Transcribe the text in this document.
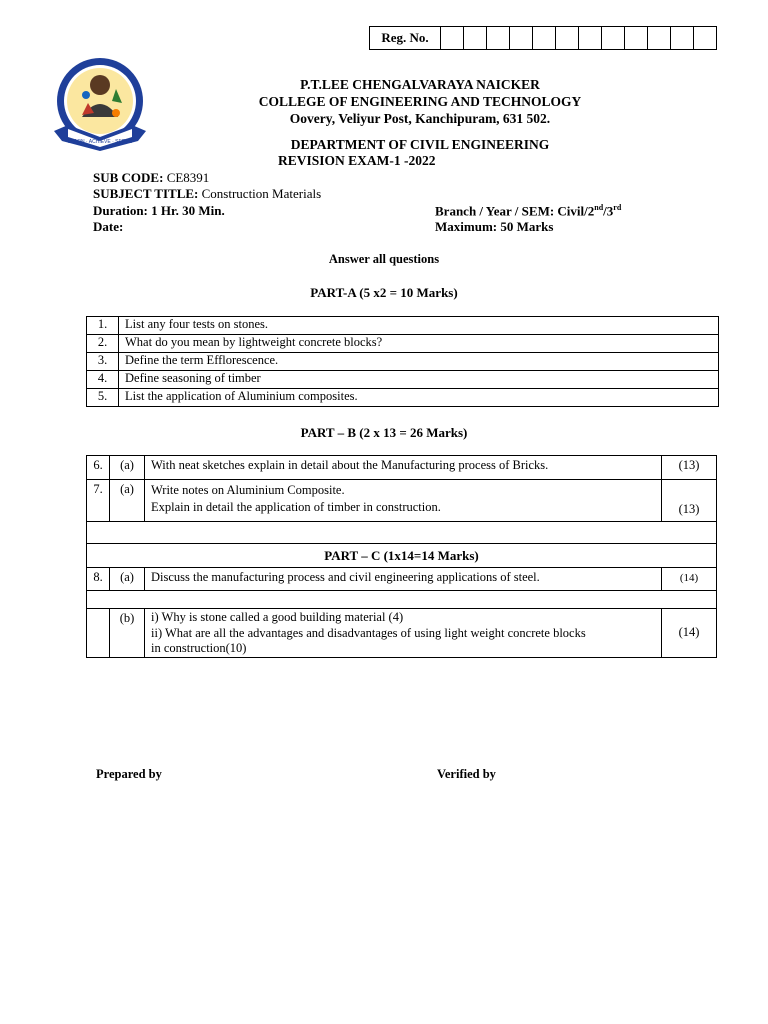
Reg. No.												
LEARN · ACHIEVE · SERVE
P.T.LEE CHENGALVARAYA NAICKER
COLLEGE OF ENGINEERING AND TECHNOLOGY
Oovery, Veliyur Post, Kanchipuram, 631 502.
DEPARTMENT OF CIVIL ENGINEERING
REVISION EXAM-1 -2022
SUB CODE: CE8391
SUBJECT TITLE: Construction Materials
Duration: 1 Hr. 30 Min.	Branch / Year / SEM: Civil/2nd/3rd
Date:	Maximum: 50 Marks
Answer all questions
PART-A (5 x2 = 10 Marks)
1.	List any four tests on stones.
2.	What do you mean by lightweight concrete blocks?
3.	Define the term Efflorescence.
4.	Define seasoning of timber
5.	List the application of Aluminium composites.
PART – B (2 x 13 = 26 Marks)
6.	(a)	With neat sketches explain in detail about the Manufacturing process of Bricks.	(13)
7.	(a)	Write notes on Aluminium Composite.
Explain in detail the application of timber in construction.	(13)

PART – C (1x14=14 Marks)			
8.	(a)	Discuss the manufacturing process and civil engineering applications of steel.	(14)

	(b)	i) Why is stone called a good building material (4)
ii) What are all the advantages and disadvantages of using light weight concrete blocks
in construction(10)	(14)
Prepared by	Verified by
